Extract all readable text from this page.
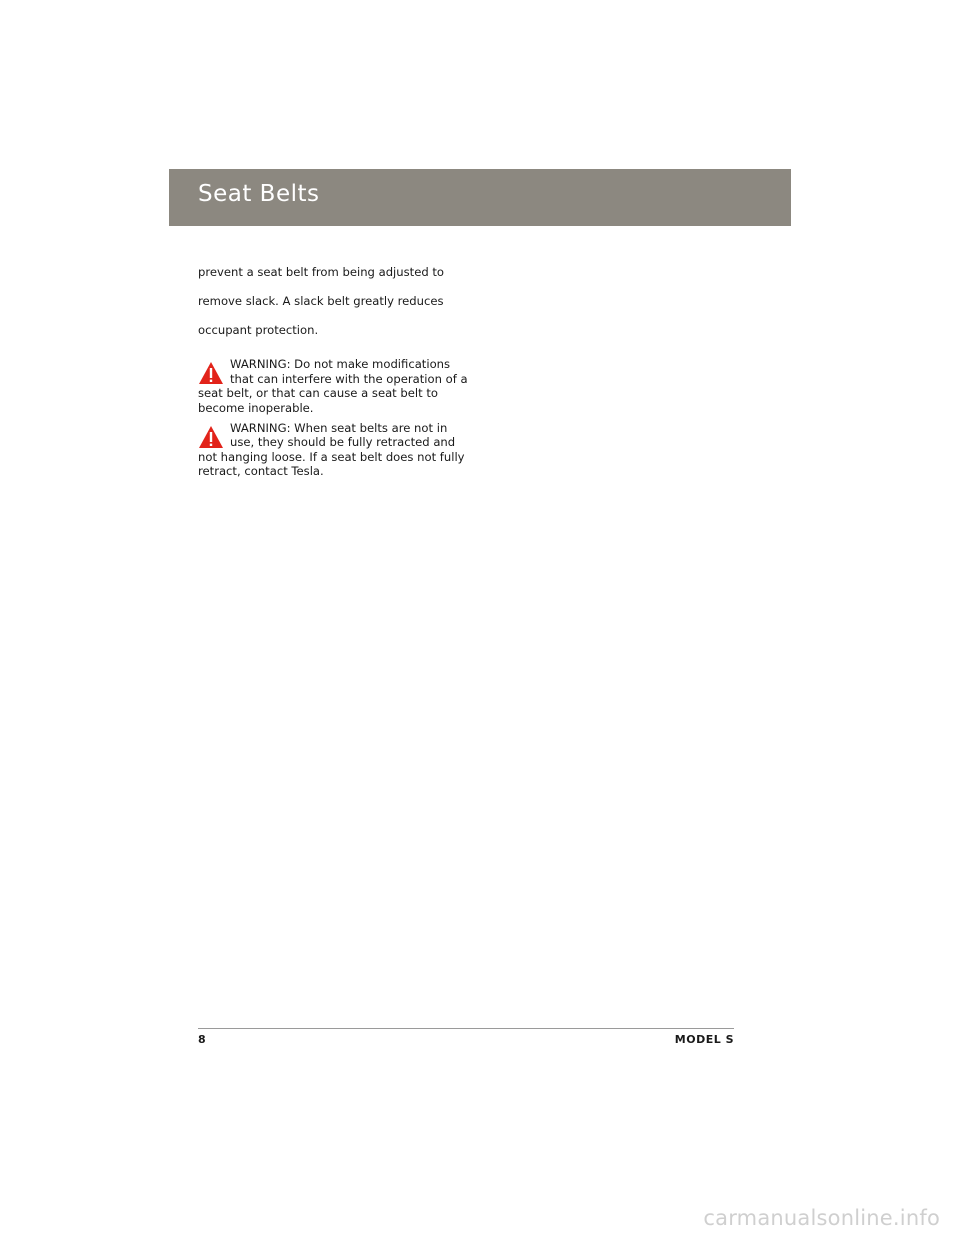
Seat Belts

prevent a seat belt from being adjusted to

remove slack. A slack belt greatly reduces

occupant protection.

WARNING: Do not make modifications
that can interfere with the operation of a
seat belt, or that can cause a seat belt to
become inoperable.
WARNING: When seat belts are not in
use, they should be fully retracted and
not hanging loose. If a seat belt does not fully
retract, contact Tesla.
8	MODEL S
carmanualsonline.info
